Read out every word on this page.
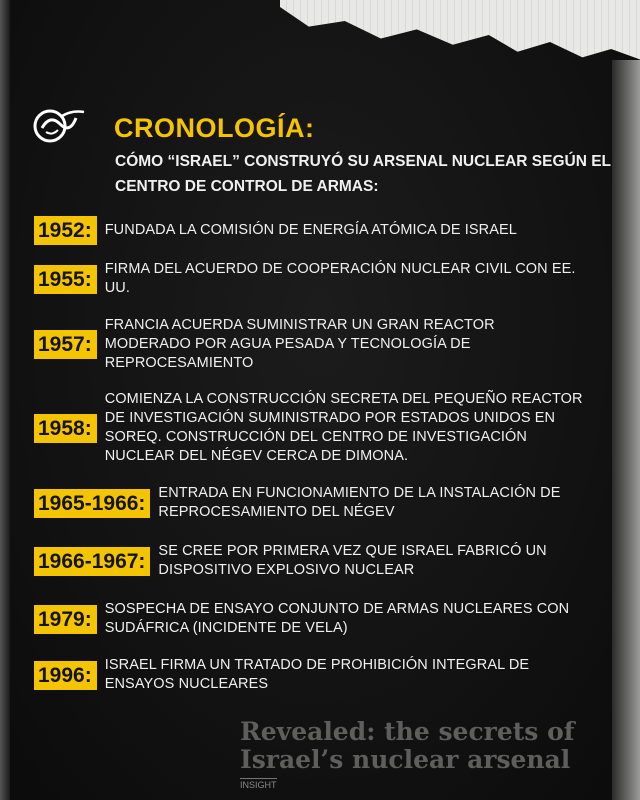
CRONOLOGÍA:

CÓMO “ISRAEL” CONSTRUYÓ SU ARSENAL NUCLEAR SEGÚN EL CENTRO DE CONTROL DE ARMAS:

1952: FUNDADA LA COMISIÓN DE ENERGÍA ATÓMICA DE ISRAEL
1955: FIRMA DEL ACUERDO DE COOPERACIÓN NUCLEAR CIVIL CON EE. UU.
1957:
FRANCIA ACUERDA SUMINISTRAR UN GRAN REACTOR MODERADO POR AGUA PESADA Y TECNOLOGÍA DE REPROCESAMIENTO
1958:
COMIENZA LA CONSTRUCCIÓN SECRETA DEL PEQUEÑO REACTOR DE INVESTIGACIÓN SUMINISTRADO POR ESTADOS UNIDOS EN SOREQ. CONSTRUCCIÓN DEL CENTRO DE INVESTIGACIÓN NUCLEAR DEL NÉGEV CERCA DE DIMONA.
1965-1966: ENTRADA EN FUNCIONAMIENTO DE LA INSTALACIÓN DE REPROCESAMIENTO DEL NÉGEV
1966-1967: SE CREE POR PRIMERA VEZ QUE ISRAEL FABRICÓ UN DISPOSITIVO EXPLOSIVO NUCLEAR
1979: SOSPECHA DE ENSAYO CONJUNTO DE ARMAS NUCLEARES CON SUDÁFRICA (INCIDENTE DE VELA)
1996: ISRAEL FIRMA UN TRATADO DE PROHIBICIÓN INTEGRAL DE ENSAYOS NUCLEARES
Revealed: the secrets of
Israel’s nuclear arsenal
INSIGHT
